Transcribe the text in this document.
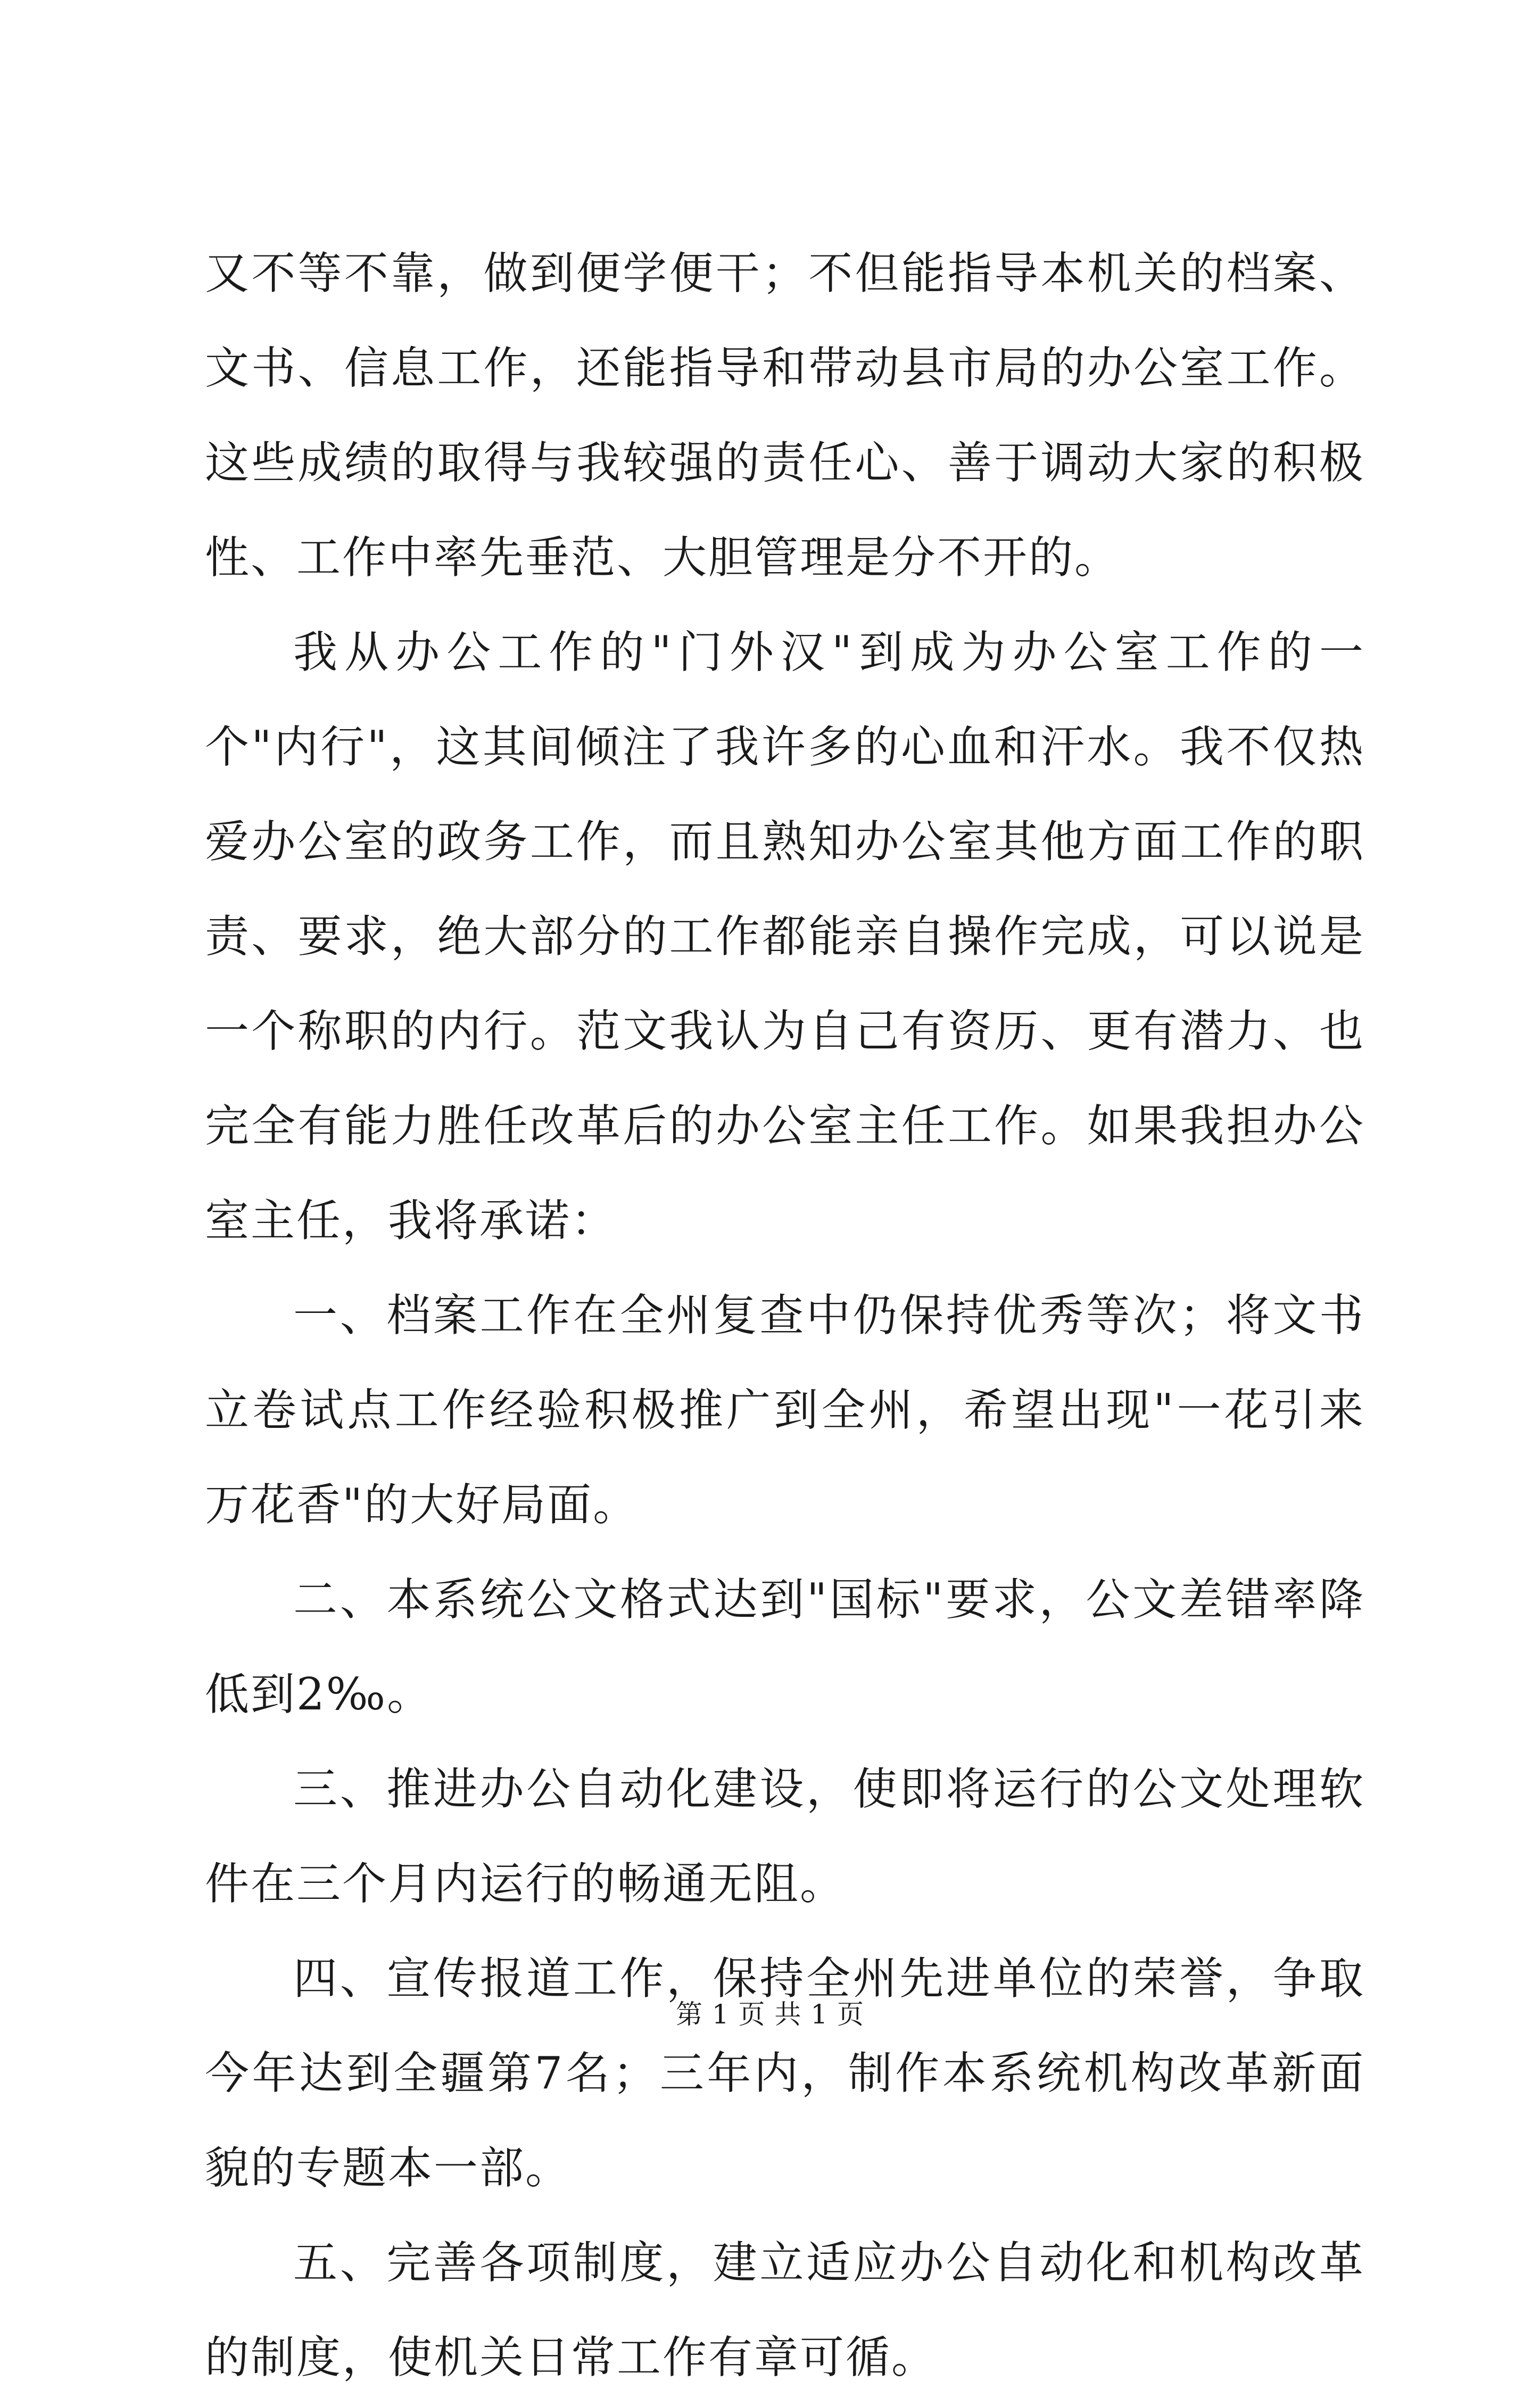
又不等不靠，做到便学便干；不但能指导本机关的档案、文书、信息工作，还能指导和带动县市局的办公室工作。这些成绩的取得与我较强的责任心、善于调动大家的积极性、工作中率先垂范、大胆管理是分不开的。

我从办公工作的"门外汉"到成为办公室工作的一个"内行"，这其间倾注了我许多的心血和汗水。我不仅热爱办公室的政务工作，而且熟知办公室其他方面工作的职责、要求，绝大部分的工作都能亲自操作完成，可以说是一个称职的内行。范文我认为自己有资历、更有潜力、也完全有能力胜任改革后的办公室主任工作。如果我担办公室主任，我将承诺：

一、档案工作在全州复查中仍保持优秀等次；将文书立卷试点工作经验积极推广到全州，希望出现"一花引来万花香"的大好局面。

二、本系统公文格式达到"国标"要求，公文差错率降低到2‰。

三、推进办公自动化建设，使即将运行的公文处理软件在三个月内运行的畅通无阻。

四、宣传报道工作，保持全州先进单位的荣誉，争取今年达到全疆第7名；三年内，制作本系统机构改革新面貌的专题本一部。

五、完善各项制度，建立适应办公自动化和机构改革的制度，使机关日常工作有章可循。

第 1 页 共 1 页
